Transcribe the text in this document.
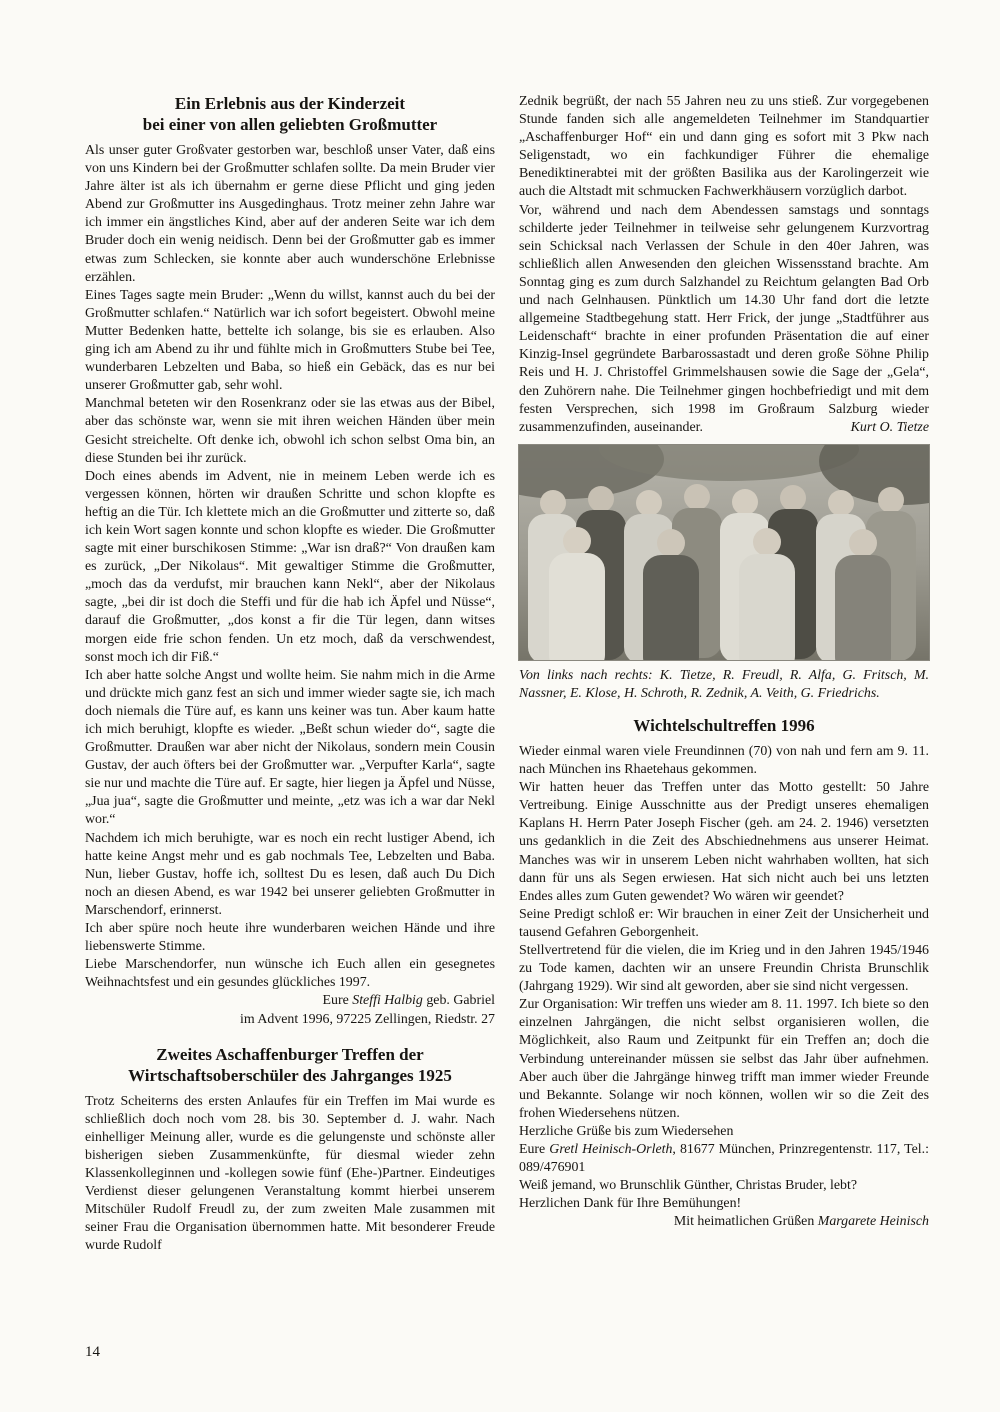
Ein Erlebnis aus der Kinderzeit
bei einer von allen geliebten Großmutter

Als unser guter Großvater gestorben war, beschloß unser Vater, daß eins von uns Kindern bei der Großmutter schlafen sollte. Da mein Bruder vier Jahre älter ist als ich übernahm er gerne diese Pflicht und ging jeden Abend zur Großmutter ins Ausgedinghaus. Trotz meiner zehn Jahre war ich immer ein ängstliches Kind, aber auf der anderen Seite war ich dem Bruder doch ein wenig neidisch. Denn bei der Großmutter gab es immer etwas zum Schlecken, sie konnte aber auch wunderschöne Erlebnisse erzählen.

Eines Tages sagte mein Bruder: „Wenn du willst, kannst auch du bei der Großmutter schlafen.“ Natürlich war ich sofort begeistert. Obwohl meine Mutter Bedenken hatte, bettelte ich solange, bis sie es erlauben. Also ging ich am Abend zu ihr und fühlte mich in Großmutters Stube bei Tee, wunderbaren Lebzelten und Baba, so hieß ein Gebäck, das es nur bei unserer Großmutter gab, sehr wohl.

Manchmal beteten wir den Rosenkranz oder sie las etwas aus der Bibel, aber das schönste war, wenn sie mit ihren weichen Händen über mein Gesicht streichelte. Oft denke ich, obwohl ich schon selbst Oma bin, an diese Stunden bei ihr zurück.

Doch eines abends im Advent, nie in meinem Leben werde ich es vergessen können, hörten wir draußen Schritte und schon klopfte es heftig an die Tür. Ich klettete mich an die Großmutter und zitterte so, daß ich kein Wort sagen konnte und schon klopfte es wieder. Die Großmutter sagte mit einer burschikosen Stimme: „War isn draß?“ Von draußen kam es zurück, „Der Nikolaus“. Mit gewaltiger Stimme die Großmutter, „moch das da verdufst, mir brauchen kann Nekl“, aber der Nikolaus sagte, „bei dir ist doch die Steffi und für die hab ich Äpfel und Nüsse“, darauf die Großmutter, „dos konst a fir die Tür legen, dann witses morgen eide frie schon fenden. Un etz moch, daß da verschwendest, sonst moch ich dir Fiß.“

Ich aber hatte solche Angst und wollte heim. Sie nahm mich in die Arme und drückte mich ganz fest an sich und immer wieder sagte sie, ich mach doch niemals die Türe auf, es kann uns keiner was tun. Aber kaum hatte ich mich beruhigt, klopfte es wieder. „Beßt schun wieder do“, sagte die Großmutter. Draußen war aber nicht der Nikolaus, sondern mein Cousin Gustav, der auch öfters bei der Großmutter war. „Verpufter Karla“, sagte sie nur und machte die Türe auf. Er sagte, hier liegen ja Äpfel und Nüsse, „Jua jua“, sagte die Großmutter und meinte, „etz was ich a war dar Nekl wor.“

Nachdem ich mich beruhigte, war es noch ein recht lustiger Abend, ich hatte keine Angst mehr und es gab nochmals Tee, Lebzelten und Baba. Nun, lieber Gustav, hoffe ich, solltest Du es lesen, daß auch Du Dich noch an diesen Abend, es war 1942 bei unserer geliebten Großmutter in Marschendorf, erinnerst.

Ich aber spüre noch heute ihre wunderbaren weichen Hände und ihre liebenswerte Stimme.

Liebe Marschendorfer, nun wünsche ich Euch allen ein gesegnetes Weihnachtsfest und ein gesundes glückliches 1997.

Eure Steffi Halbig geb. Gabriel

im Advent 1996, 97225 Zellingen, Riedstr. 27

Zweites Aschaffenburger Treffen der
Wirtschaftsoberschüler des Jahrganges 1925

Trotz Scheiterns des ersten Anlaufes für ein Treffen im Mai wurde es schließlich doch noch vom 28. bis 30. September d. J. wahr. Nach einhelliger Meinung aller, wurde es die gelungenste und schönste aller bisherigen sieben Zusammenkünfte, für diesmal wieder zehn Klassenkolleginnen und -kollegen sowie fünf (Ehe-)Partner. Eindeutiges Verdienst dieser gelungenen Veranstaltung kommt hierbei unserem Mitschüler Rudolf Freudl zu, der zum zweiten Male zusammen mit seiner Frau die Organisation übernommen hatte. Mit besonderer Freude wurde Rudolf

Zednik begrüßt, der nach 55 Jahren neu zu uns stieß. Zur vorgegebenen Stunde fanden sich alle angemeldeten Teilnehmer im Standquartier „Aschaffenburger Hof“ ein und dann ging es sofort mit 3 Pkw nach Seligenstadt, wo ein fachkundiger Führer die ehemalige Benediktinerabtei mit der größten Basilika aus der Karolingerzeit wie auch die Altstadt mit schmucken Fachwerkhäusern vorzüglich darbot.

Vor, während und nach dem Abendessen samstags und sonntags schilderte jeder Teilnehmer in teilweise sehr gelungenem Kurzvortrag sein Schicksal nach Verlassen der Schule in den 40er Jahren, was schließlich allen Anwesenden den gleichen Wissensstand brachte. Am Sonntag ging es zum durch Salzhandel zu Reichtum gelangten Bad Orb und nach Gelnhausen. Pünktlich um 14.30 Uhr fand dort die letzte allgemeine Stadtbegehung statt. Herr Frick, der junge „Stadtführer aus Leidenschaft“ brachte in einer profunden Präsentation die auf einer Kinzig-Insel gegründete Barbarossastadt und deren große Söhne Philip Reis und H. J. Christoffel Grimmelshausen sowie die Sage der „Gela“, den Zuhörern nahe. Die Teilnehmer gingen hochbefriedigt und mit dem festen Versprechen, sich 1998 im Großraum Salzburg wieder zusammenzufinden, auseinander.	Kurt O. Tietze

Von links nach rechts: K. Tietze, R. Freudl, R. Alfa, G. Fritsch, M. Nassner, E. Klose, H. Schroth, R. Zednik, A. Veith, G. Friedrichs.

Wichtelschultreffen 1996

Wieder einmal waren viele Freundinnen (70) von nah und fern am 9. 11. nach München ins Rhaetehaus gekommen.

Wir hatten heuer das Treffen unter das Motto gestellt: 50 Jahre Vertreibung. Einige Ausschnitte aus der Predigt unseres ehemaligen Kaplans H. Herrn Pater Joseph Fischer (geh. am 24. 2. 1946) versetzten uns gedanklich in die Zeit des Abschiednehmens aus unserer Heimat. Manches was wir in unserem Leben nicht wahrhaben wollten, hat sich dann für uns als Segen erwiesen. Hat sich nicht auch bei uns letzten Endes alles zum Guten gewendet? Wo wären wir geendet?

Seine Predigt schloß er: Wir brauchen in einer Zeit der Unsicherheit und tausend Gefahren Geborgenheit.

Stellvertretend für die vielen, die im Krieg und in den Jahren 1945/1946 zu Tode kamen, dachten wir an unsere Freundin Christa Brunschlik (Jahrgang 1929). Wir sind alt geworden, aber sie sind nicht vergessen.

Zur Organisation: Wir treffen uns wieder am 8. 11. 1997. Ich biete so den einzelnen Jahrgängen, die nicht selbst organisieren wollen, die Möglichkeit, also Raum und Zeitpunkt für ein Treffen an; doch die Verbindung untereinander müssen sie selbst das Jahr über aufnehmen. Aber auch über die Jahrgänge hinweg trifft man immer wieder Freunde und Bekannte. Solange wir noch können, wollen wir so die Zeit des frohen Wiedersehens nützen.

Herzliche Grüße bis zum Wiedersehen

Eure Gretl Heinisch-Orleth, 81677 München, Prinzregentenstr. 117, Tel.: 089/476901

Weiß jemand, wo Brunschlik Günther, Christas Bruder, lebt?

Herzlichen Dank für Ihre Bemühungen!

Mit heimatlichen Grüßen Margarete Heinisch

14
